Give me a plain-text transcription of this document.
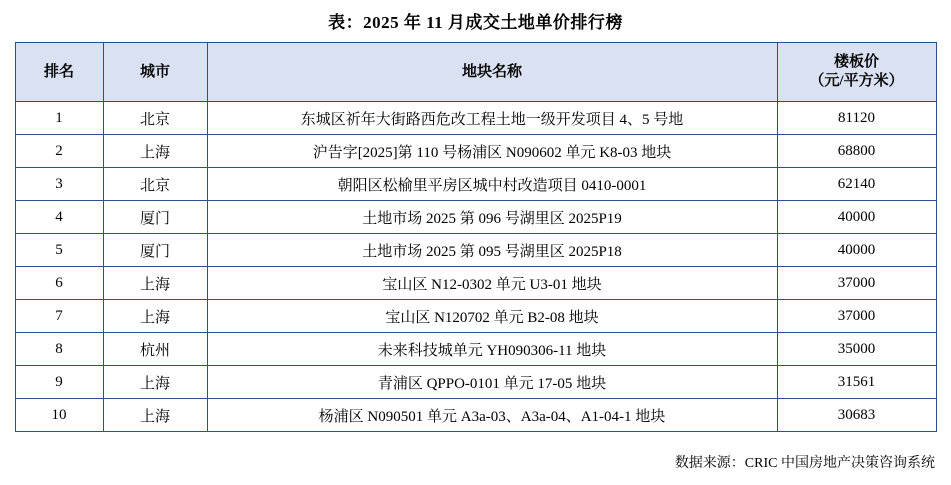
表：2025 年 11 月成交土地单价排行榜
排名	城市	地块名称	楼板价
（元/平方米）

1	北京	东城区祈年大街路西危改工程土地一级开发项目 4、5 号地	81120
2	上海	沪告字[2025]第 110 号杨浦区 N090602 单元 K8-03 地块	68800
3	北京	朝阳区松榆里平房区城中村改造项目 0410-0001	62140
4	厦门	土地市场 2025 第 096 号湖里区 2025P19	40000
5	厦门	土地市场 2025 第 095 号湖里区 2025P18	40000
6	上海	宝山区 N12-0302 单元 U3-01 地块	37000
7	上海	宝山区 N120702 单元 B2-08 地块	37000
8	杭州	未来科技城单元 YH090306-11 地块	35000
9	上海	青浦区 QPPO-0101 单元 17-05 地块	31561
10	上海	杨浦区 N090501 单元 A3a-03、A3a-04、A1-04-1 地块	30683
数据来源：CRIC 中国房地产决策咨询系统
